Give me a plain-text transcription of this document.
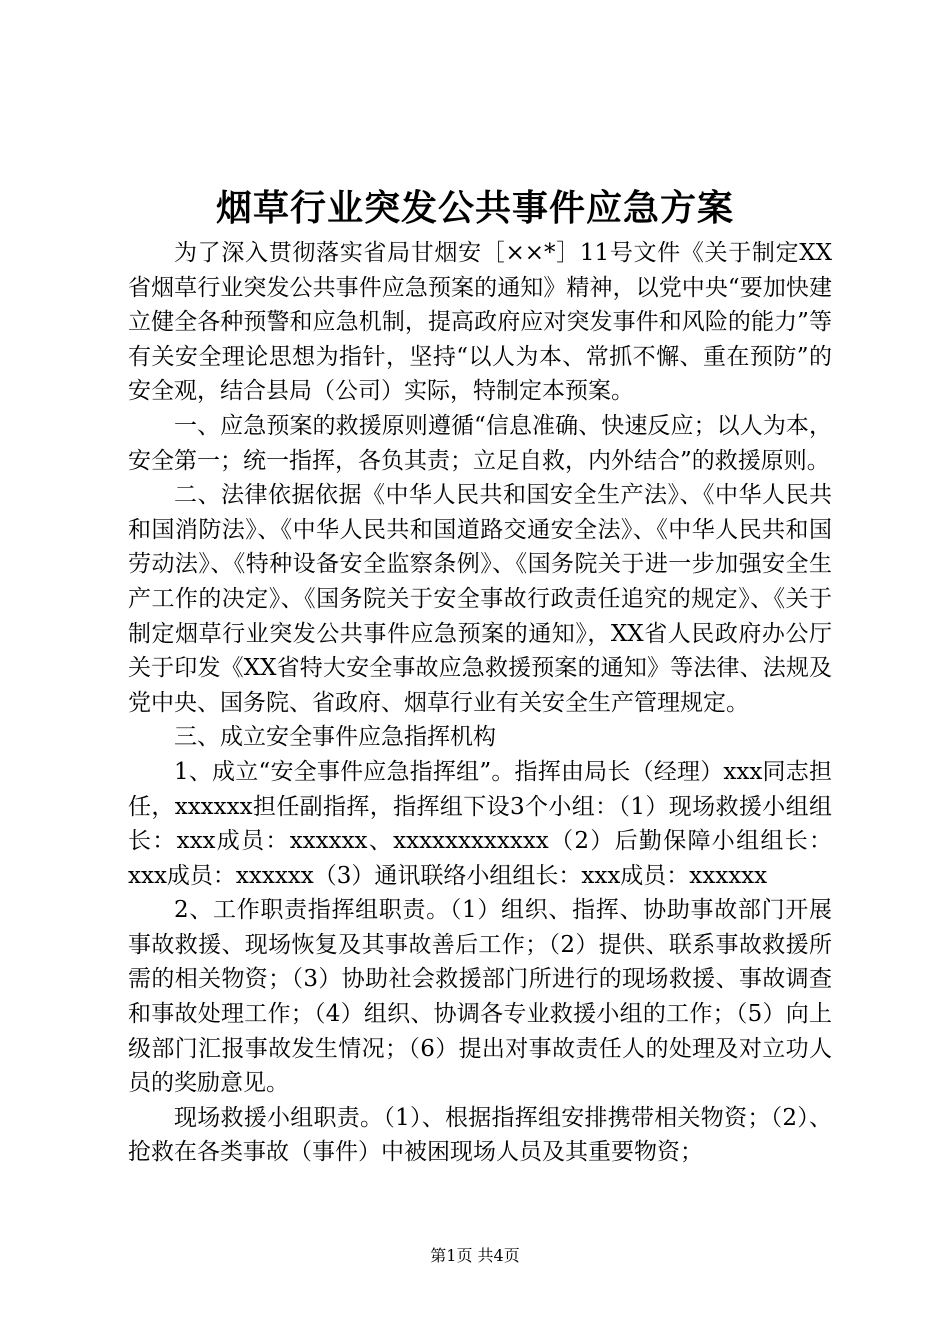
烟草行业突发公共事件应急方案

为了深入贯彻落实省局甘烟安［××*］11号文件《关于制定XX省烟草行业突发公共事件应急预案的通知》精神，以党中央“要加快建立健全各种预警和应急机制，提高政府应对突发事件和风险的能力”等有关安全理论思想为指针，坚持“以人为本、常抓不懈、重在预防”的安全观，结合县局（公司）实际，特制定本预案。

一、应急预案的救援原则遵循“信息准确、快速反应；以人为本，安全第一；统一指挥，各负其责；立足自救，内外结合”的救援原则。

二、法律依据依据《中华人民共和国安全生产法》、《中华人民共和国消防法》、《中华人民共和国道路交通安全法》、《中华人民共和国劳动法》、《特种设备安全监察条例》、《国务院关于进一步加强安全生产工作的决定》、《国务院关于安全事故行政责任追究的规定》、《关于制定烟草行业突发公共事件应急预案的通知》，XX省人民政府办公厅关于印发《XX省特大安全事故应急救援预案的通知》等法律、法规及党中央、国务院、省政府、烟草行业有关安全生产管理规定。

三、成立安全事件应急指挥机构

1、成立“安全事件应急指挥组”。指挥由局长（经理）xxx同志担任，xxxxxx担任副指挥，指挥组下设3个小组：（1）现场救援小组组长：xxx成员：xxxxxx、xxxxxxxxxxxx（2）后勤保障小组组长：xxx成员：xxxxxx（3）通讯联络小组组长：xxx成员：xxxxxx

2、工作职责指挥组职责。（1）组织、指挥、协助事故部门开展事故救援、现场恢复及其事故善后工作；（2）提供、联系事故救援所需的相关物资；（3）协助社会救援部门所进行的现场救援、事故调查和事故处理工作；（4）组织、协调各专业救援小组的工作；（5）向上级部门汇报事故发生情况；（6）提出对事故责任人的处理及对立功人员的奖励意见。

现场救援小组职责。（1）、根据指挥组安排携带相关物资；（2）、抢救在各类事故（事件）中被困现场人员及其重要物资；

第1页 共4页
